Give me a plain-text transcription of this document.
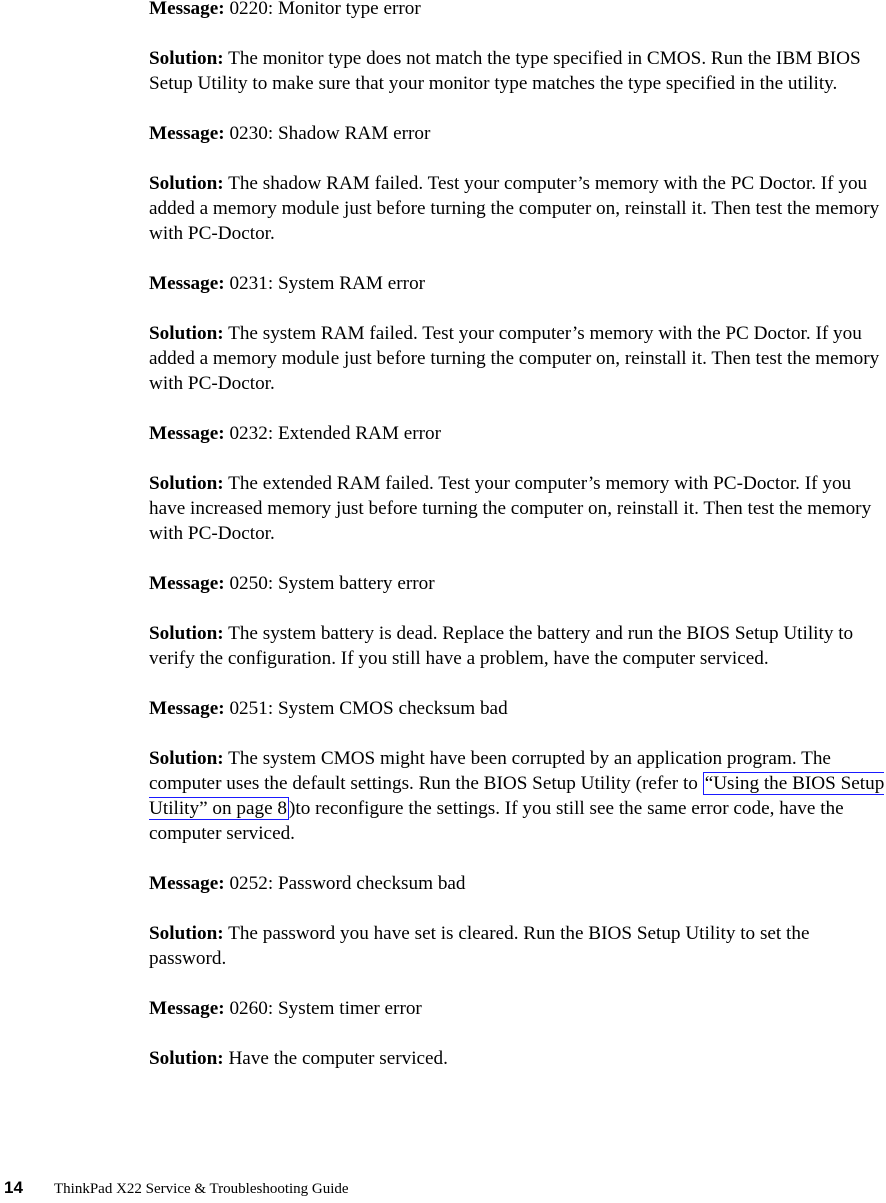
Message: 0220: Monitor type error

Solution: The monitor type does not match the type specified in CMOS. Run the IBM BIOS Setup Utility to make sure that your monitor type matches the type specified in the utility.

Message: 0230: Shadow RAM error

Solution: The shadow RAM failed. Test your computer’s memory with the PC Doctor. If you added a memory module just before turning the computer on, reinstall it. Then test the memory with PC-Doctor.

Message: 0231: System RAM error

Solution: The system RAM failed. Test your computer’s memory with the PC Doctor. If you added a memory module just before turning the computer on, reinstall it. Then test the memory with PC-Doctor.

Message: 0232: Extended RAM error

Solution: The extended RAM failed. Test your computer’s memory with PC-Doctor. If you have increased memory just before turning the computer on, reinstall it. Then test the memory with PC-Doctor.

Message: 0250: System battery error

Solution: The system battery is dead. Replace the battery and run the BIOS Setup Utility to verify the configuration. If you still have a problem, have the computer serviced.

Message: 0251: System CMOS checksum bad

Solution: The system CMOS might have been corrupted by an application program. The computer uses the default settings. Run the BIOS Setup Utility (refer to “Using the BIOS Setup Utility” on page 8 )to reconfigure the settings. If you still see the same error code, have the computer serviced.

Message: 0252: Password checksum bad

Solution: The password you have set is cleared. Run the BIOS Setup Utility to set the password.

Message: 0260: System timer error

Solution: Have the computer serviced.

14 ThinkPad X22 Service & Troubleshooting Guide
